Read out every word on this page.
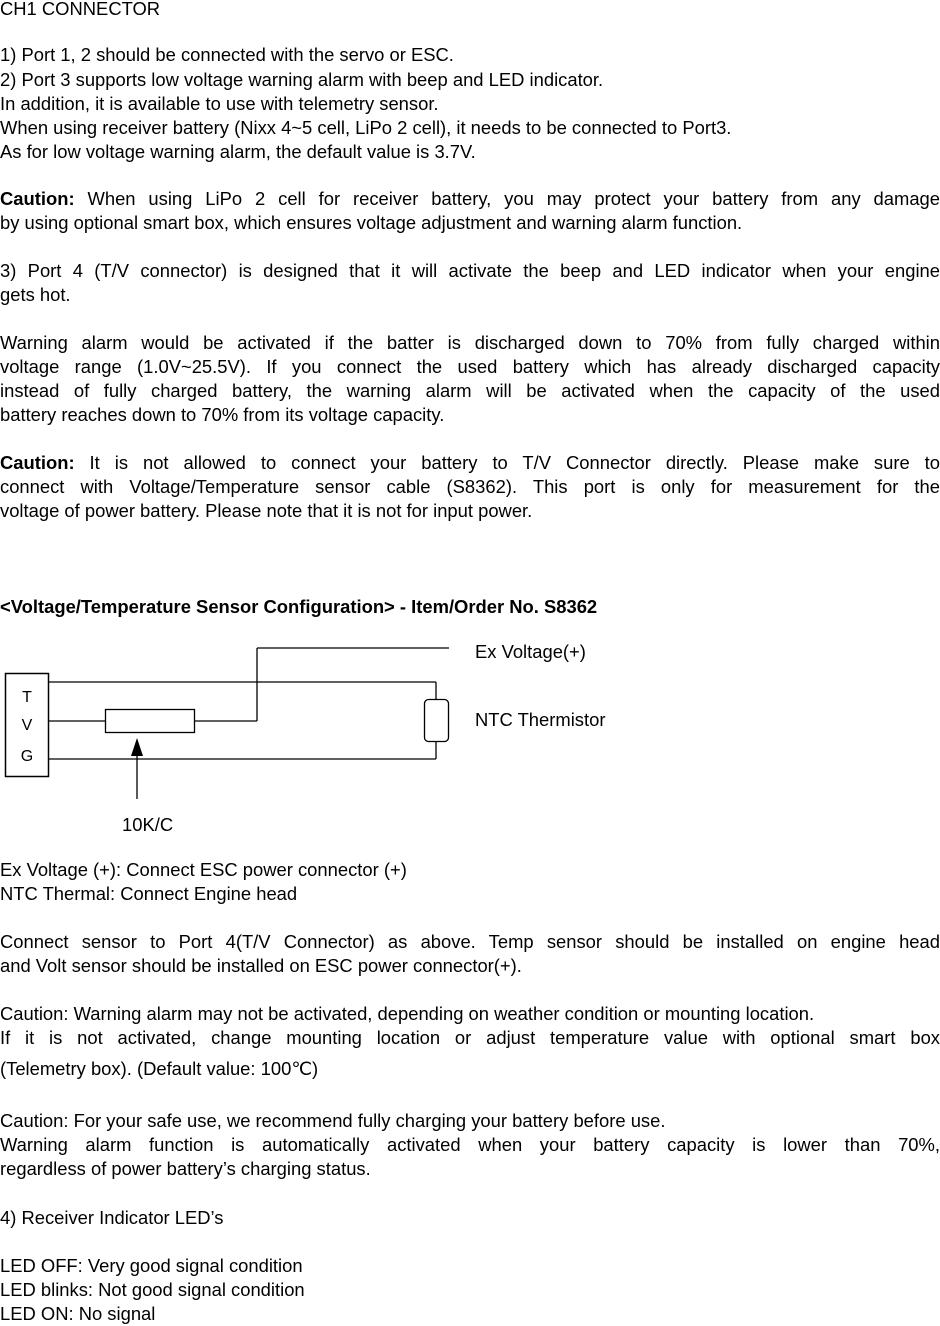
CH1 CONNECTOR
1) Port 1, 2 should be connected with the servo or ESC.
2) Port 3 supports low voltage warning alarm with beep and LED indicator.
In addition, it is available to use with telemetry sensor.
When using receiver battery (Nixx 4~5 cell, LiPo 2 cell), it needs to be connected to Port3.
As for low voltage warning alarm, the default value is 3.7V.
Caution: When using LiPo 2 cell for receiver battery, you may protect your battery from any damage
by using optional smart box, which ensures voltage adjustment and warning alarm function.
3) Port 4 (T/V connector) is designed that it will activate the beep and LED indicator when your engine
gets hot.
Warning alarm would be activated if the batter is discharged down to 70% from fully charged within
voltage range (1.0V~25.5V). If you connect the used battery which has already discharged capacity
instead of fully charged battery, the warning alarm will be activated when the capacity of the used
battery reaches down to 70% from its voltage capacity.
Caution: It is not allowed to connect your battery to T/V Connector directly. Please make sure to
connect with Voltage/Temperature sensor cable (S8362). This port is only for measurement for the
voltage of power battery. Please note that it is not for input power.
<Voltage/Temperature Sensor Configuration> - Item/Order No. S8362
T
V
G
Ex Voltage(+)
NTC Thermistor
10K/C
Ex Voltage (+): Connect ESC power connector (+)
NTC Thermal: Connect Engine head
Connect sensor to Port 4(T/V Connector) as above. Temp sensor should be installed on engine head
and Volt sensor should be installed on ESC power connector(+).
Caution: Warning alarm may not be activated, depending on weather condition or mounting location.
If it is not activated, change mounting location or adjust temperature value with optional smart box
(Telemetry box). (Default value: 100℃)
Caution: For your safe use, we recommend fully charging your battery before use.
Warning alarm function is automatically activated when your battery capacity is lower than 70%,
regardless of power battery’s charging status.
4) Receiver Indicator LED’s
LED OFF: Very good signal condition
LED blinks: Not good signal condition
LED ON: No signal
